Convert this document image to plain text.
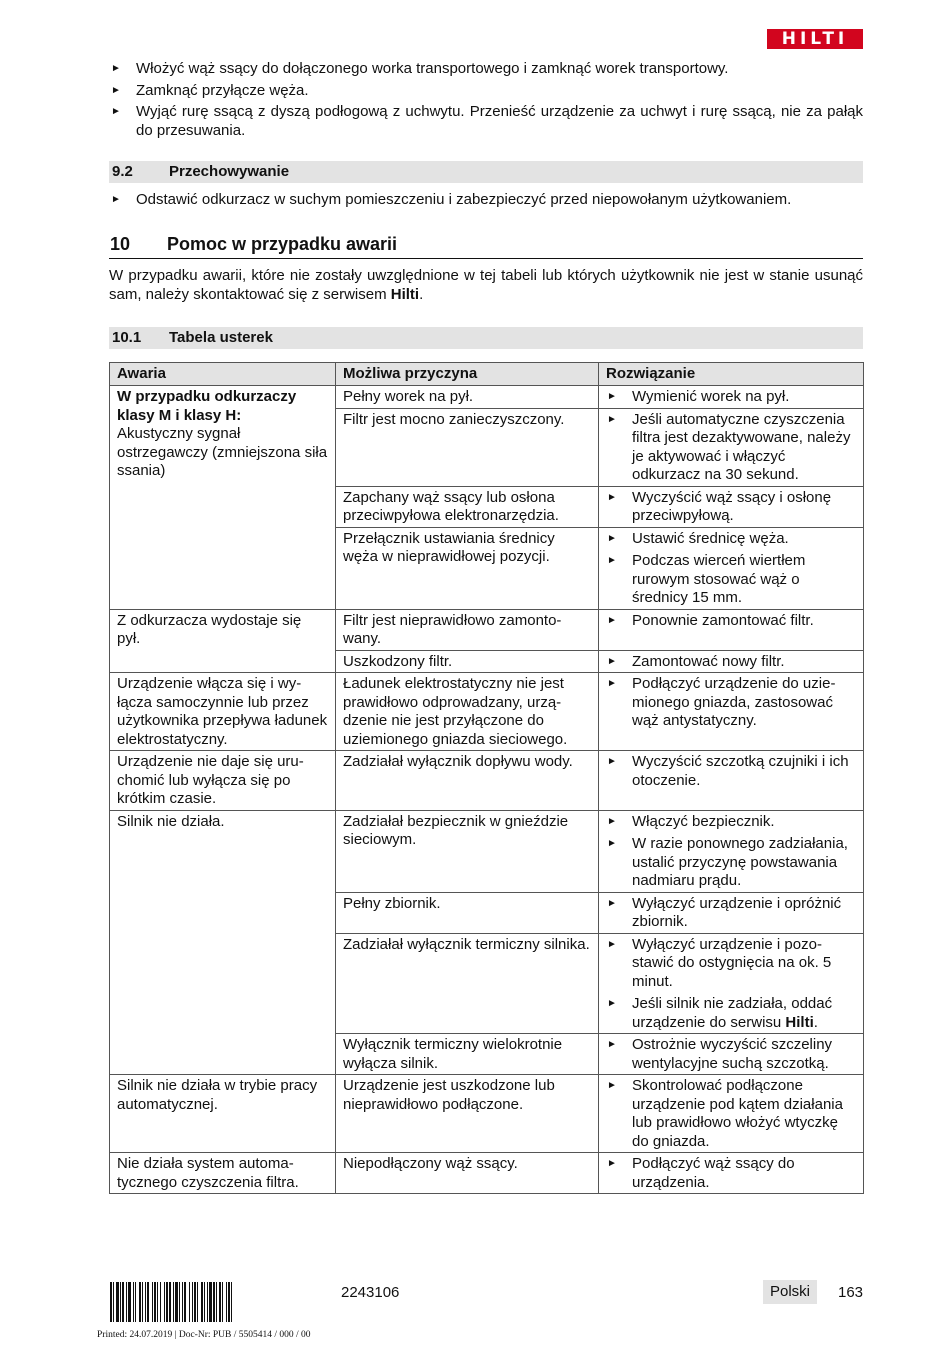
HILTI
►	Włożyć wąż ssący do dołączonego worka transportowego i zamknąć worek transportowy.
►	Zamknąć przyłącze węża.
►	Wyjąć rurę ssącą z dyszą podłogową z uchwytu. Przenieść urządzenie za uchwyt i rurę ssącą, nie za pałąk do przesuwania.
9.2	Przechowywanie
►	Odstawić odkurzacz w suchym pomieszczeniu i zabezpieczyć przed niepowołanym użytkowaniem.
10	Pomoc w przypadku awarii
W przypadku awarii, które nie zostały uwzględnione w tej tabeli lub których użytkownik nie jest w stanie usunąć sam, należy skontaktować się z serwisem Hilti.
10.1	Tabela usterek
Awaria	Możliwa przyczyna	Rozwiązanie
W przypadku odkurzaczy klasy M i klasy H:
Akustyczny sygnał ostrzegawczy (zmniejszona siła ssania)	Pełny worek na pył.	► Wymienić worek na pył.

	Filtr jest mocno zanieczyszczony.	► Jeśli automatyczne czyszczenia filtra jest dezaktywowane, należy je aktywować i włączyć odkurzacz na 30 sekund.

	Zapchany wąż ssący lub osłona przeciwpyłowa elektronarzędzia.	► Wyczyścić wąż ssący i osłonę przeciwpyłową.

	Przełącznik ustawiania średnicy węża w nieprawidłowej pozycji.	► Ustawić średnicę węża.
► Podczas wierceń wiertłem rurowym stosować wąż o średnicy 15 mm.

Z odkurzacza wydostaje się pył.	Filtr jest nieprawidłowo zamontowany.	► Ponownie zamontować filtr.

	Uszkodzony filtr.	► Zamontować nowy filtr.

Urządzenie włącza się i wyłącza samoczynnie lub przez użytkownika przepływa ładunek elektrostatyczny.	Ładunek elektrostatyczny nie jest prawidłowo odprowadzany, urządzenie nie jest przyłączone do uziemionego gniazda sieciowego.	► Podłączyć urządzenie do uziemionego gniazda, zastosować wąż antystatyczny.

Urządzenie nie daje się uruchomić lub wyłącza się po krótkim czasie.	Zadziałał wyłącznik dopływu wody.	► Wyczyścić szczotką czujniki i ich otoczenie.

Silnik nie działa.	Zadziałał bezpiecznik w gnieździe sieciowym.	► Włączyć bezpiecznik.
► W razie ponownego zadziałania, ustalić przyczynę powstawania nadmiaru prądu.

	Pełny zbiornik.	► Wyłączyć urządzenie i opróżnić zbiornik.

	Zadziałał wyłącznik termiczny silnika.	► Wyłączyć urządzenie i pozostawić do ostygnięcia na ok. 5 minut.
► Jeśli silnik nie zadziała, oddać urządzenie do serwisu Hilti.

	Wyłącznik termiczny wielokrotnie wyłącza silnik.	► Ostrożnie wyczyścić szczeliny wentylacyjne suchą szczotką.

Silnik nie działa w trybie pracy automatycznej.	Urządzenie jest uszkodzone lub nieprawidłowo podłączone.	► Skontrolować podłączone urządzenie pod kątem działania lub prawidłowo włożyć wtyczkę do gniazda.

Nie działa system automatycznego czyszczenia filtra.	Niepodłączony wąż ssący.	► Podłączyć wąż ssący do urządzenia.
2243106	Polski	163
Printed: 24.07.2019 | Doc-Nr: PUB / 5505414 / 000 / 00
